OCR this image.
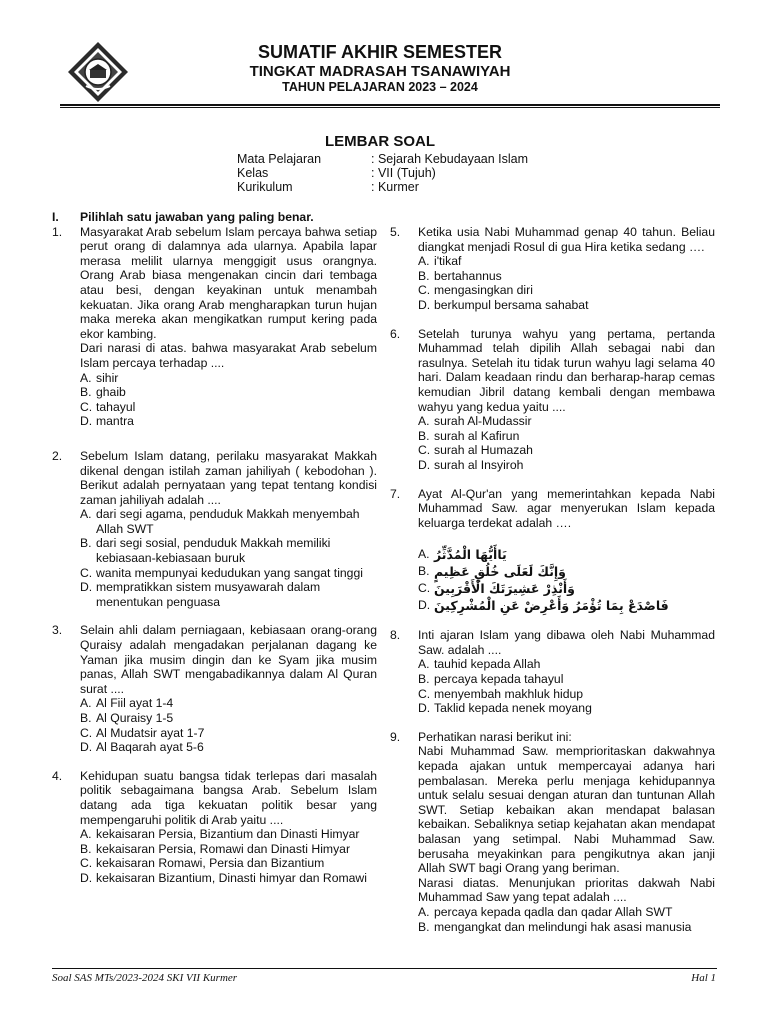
SUMATIF AKHIR SEMESTER
TINGKAT MADRASAH TSANAWIYAH
TAHUN PELAJARAN 2023 – 2024
LEMBAR SOAL
Mata Pelajaran	: Sejarah Kebudayaan Islam
Kelas	: VII (Tujuh)
Kurikulum	: Kurmer
I.	Pilihlah satu jawaban yang paling benar.
1.	Masyarakat Arab sebelum Islam percaya bahwa setiap perut orang di dalamnya ada ularnya. Apabila lapar merasa melilit ularnya menggigit usus orangnya. Orang Arab biasa mengenakan cincin dari tembaga atau besi, dengan keyakinan untuk menambah kekuatan. Jika orang Arab mengharapkan turun hujan maka mereka akan mengikatkan rumput kering pada ekor kambing.
Dari narasi di atas. bahwa masyarakat Arab sebelum Islam percaya terhadap ....
A. sihir
B. ghaib
C. tahayul
D. mantra
2.	Sebelum Islam datang, perilaku masyarakat Makkah dikenal dengan istilah zaman jahiliyah ( kebodohan ). Berikut adalah pernyataan yang tepat tentang kondisi zaman jahiliyah adalah ....
A. dari segi agama, penduduk Makkah menyembah Allah SWT
B. dari segi sosial, penduduk Makkah memiliki kebiasaan-kebiasaan buruk
C. wanita mempunyai kedudukan yang sangat tinggi
D. mempratikkan sistem musyawarah dalam menentukan penguasa
3.	Selain ahli dalam perniagaan, kebiasaan orang-orang Quraisy adalah mengadakan perjalanan dagang ke Yaman jika musim dingin dan ke Syam jika musim panas, Allah SWT mengabadikannya dalam Al Quran surat ....
A. Al Fiil ayat 1-4
B. Al Quraisy 1-5
C. Al Mudatsir ayat 1-7
D. Al Baqarah ayat 5-6
4.	Kehidupan suatu bangsa tidak terlepas dari masalah politik sebagaimana bangsa Arab. Sebelum Islam datang ada tiga kekuatan politik besar yang mempengaruhi politik di Arab yaitu ....
A. kekaisaran Persia, Bizantium dan Dinasti Himyar
B. kekaisaran Persia, Romawi dan Dinasti Himyar
C. kekaisaran Romawi, Persia dan Bizantium
D. kekaisaran Bizantium, Dinasti himyar dan Romawi
5.	Ketika usia Nabi Muhammad genap 40 tahun. Beliau diangkat menjadi Rosul di gua Hira ketika sedang ….
A. i'tikaf
B. bertahannus
C. mengasingkan diri
D. berkumpul bersama sahabat
6.	Setelah turunya wahyu yang pertama, pertanda Muhammad telah dipilih Allah sebagai nabi dan rasulnya. Setelah itu tidak turun wahyu lagi selama 40 hari. Dalam keadaan rindu dan berharap-harap cemas kemudian Jibril datang kembali dengan membawa wahyu yang kedua yaitu ....
A. surah Al-Mudassir
B. surah al Kafirun
C. surah al Humazah
D. surah al Insyiroh
7.	Ayat Al-Qur'an yang memerintahkan kepada Nabi Muhammad Saw. agar menyerukan Islam kepada keluarga terdekat adalah ….
A. يَاأَيُّهَا الْمُدَّثِّرُ
B. وَإِنَّكَ لَعَلَى خُلُقٍ عَظِيمٍ
C. وَأَنْذِرْ عَشِيرَتَكَ الْأَقْرَبِينَ
D. فَاصْدَعْ بِمَا تُؤْمَرُ وَأَعْرِضْ عَنِ الْمُشْرِكِينَ
8.	Inti ajaran Islam yang dibawa oleh Nabi Muhammad Saw. adalah ....
A. tauhid kepada Allah
B. percaya kepada tahayul
C. menyembah makhluk hidup
D. Taklid kepada nenek moyang
9.	Perhatikan narasi berikut ini:
Nabi Muhammad Saw. memprioritaskan dakwahnya kepada ajakan untuk mempercayai adanya hari pembalasan. Mereka perlu menjaga kehidupannya untuk selalu sesuai dengan aturan dan tuntunan Allah SWT. Setiap kebaikan akan mendapat balasan kebaikan. Sebaliknya setiap kejahatan akan mendapat balasan yang setimpal. Nabi Muhammad Saw. berusaha meyakinkan para pengikutnya akan janji Allah SWT bagi Orang yang beriman.
Narasi diatas. Menunjukan prioritas dakwah Nabi Muhammad Saw yang tepat adalah ....
A. percaya kepada qadla dan qadar Allah SWT
B. mengangkat dan melindungi hak asasi manusia
Soal SAS MTs/2023-2024 SKI VII Kurmer	Hal 1
